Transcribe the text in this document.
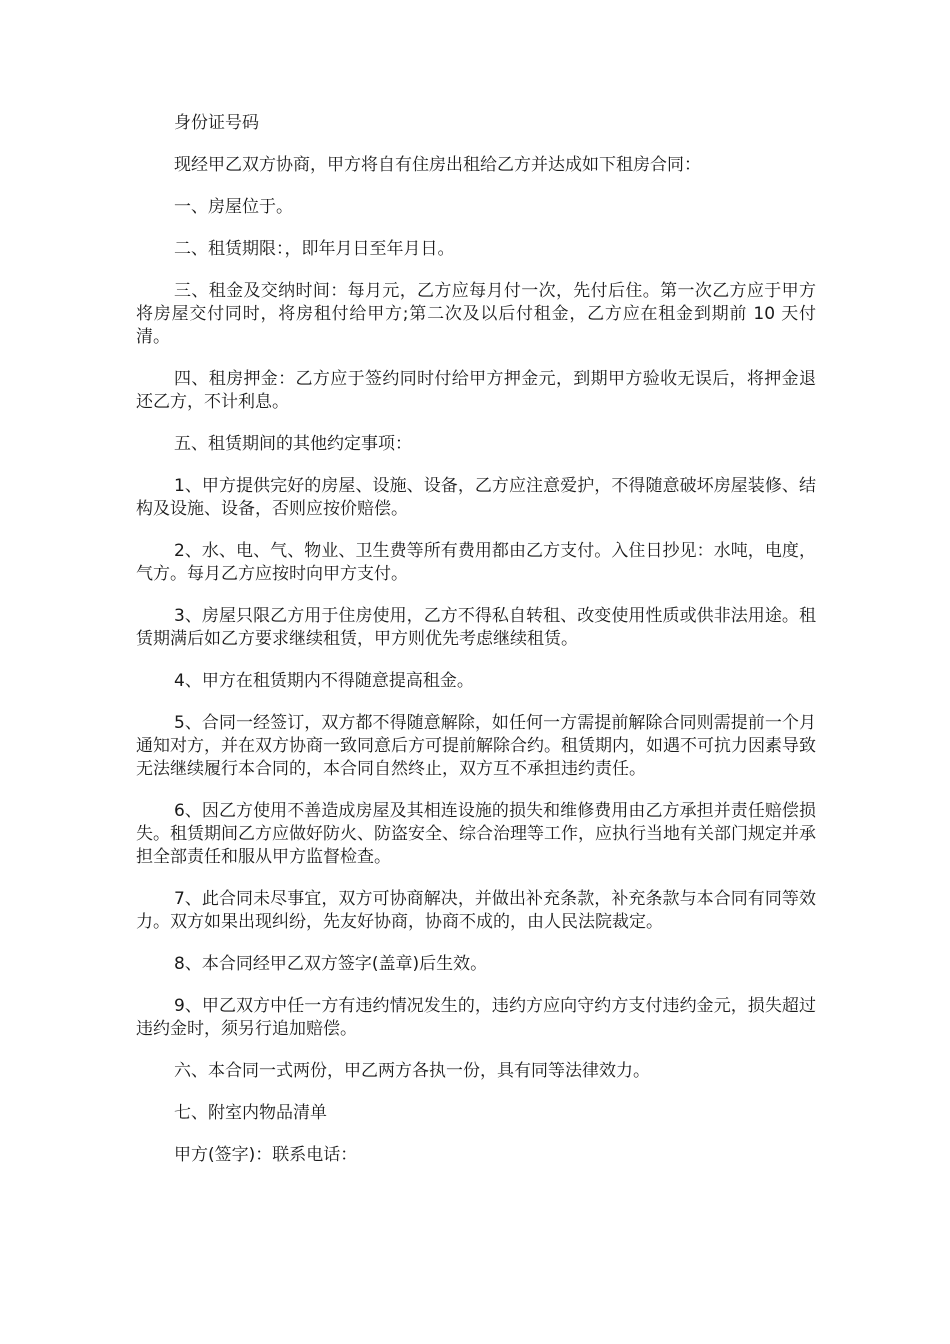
身份证号码

现经甲乙双方协商，甲方将自有住房出租给乙方并达成如下租房合同：

一、房屋位于。

二、租赁期限：，即年月日至年月日。

三、租金及交纳时间：每月元，乙方应每月付一次，先付后住。第一次乙方应于甲方将房屋交付同时，将房租付给甲方;第二次及以后付租金，乙方应在租金到期前 10 天付清。

四、租房押金：乙方应于签约同时付给甲方押金元，到期甲方验收无误后，将押金退还乙方，不计利息。

五、租赁期间的其他约定事项：

1、甲方提供完好的房屋、设施、设备，乙方应注意爱护，不得随意破坏房屋装修、结构及设施、设备，否则应按价赔偿。

2、水、电、气、物业、卫生费等所有费用都由乙方支付。入住日抄见：水吨，电度，气方。每月乙方应按时向甲方支付。

3、房屋只限乙方用于住房使用，乙方不得私自转租、改变使用性质或供非法用途。租赁期满后如乙方要求继续租赁，甲方则优先考虑继续租赁。

4、甲方在租赁期内不得随意提高租金。

5、合同一经签订，双方都不得随意解除，如任何一方需提前解除合同则需提前一个月通知对方，并在双方协商一致同意后方可提前解除合约。租赁期内，如遇不可抗力因素导致无法继续履行本合同的，本合同自然终止，双方互不承担违约责任。

6、因乙方使用不善造成房屋及其相连设施的损失和维修费用由乙方承担并责任赔偿损失。租赁期间乙方应做好防火、防盗安全、综合治理等工作，应执行当地有关部门规定并承担全部责任和服从甲方监督检查。

7、此合同未尽事宜，双方可协商解决，并做出补充条款，补充条款与本合同有同等效力。双方如果出现纠纷，先友好协商，协商不成的，由人民法院裁定。

8、本合同经甲乙双方签字(盖章)后生效。

9、甲乙双方中任一方有违约情况发生的，违约方应向守约方支付违约金元，损失超过违约金时，须另行追加赔偿。

六、本合同一式两份，甲乙两方各执一份，具有同等法律效力。

七、附室内物品清单

甲方(签字)：联系电话：
